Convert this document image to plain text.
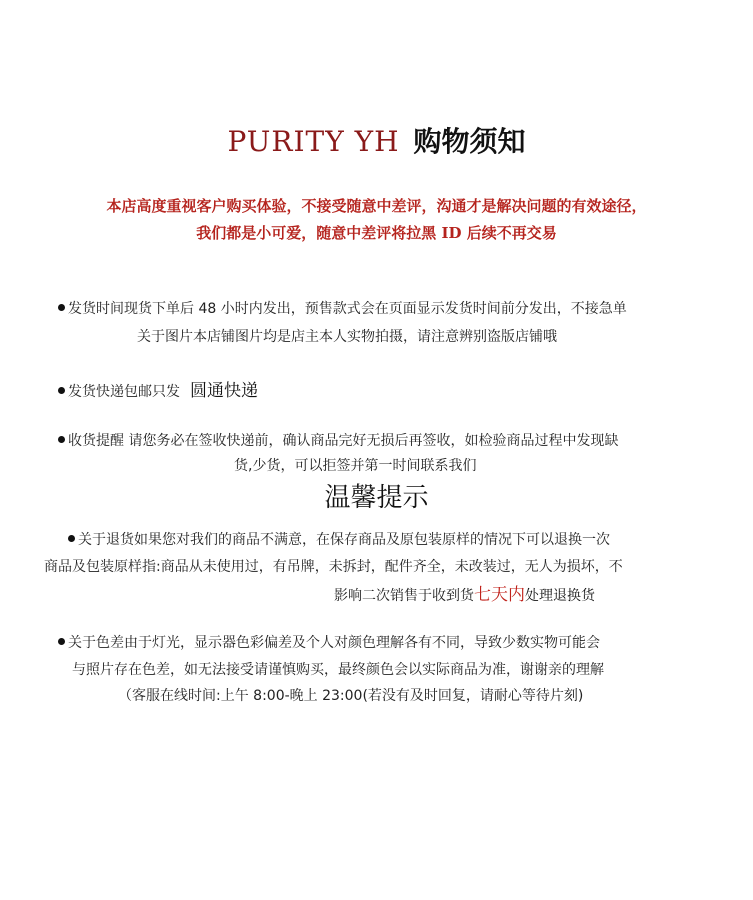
PURITY YH 购物须知
本店高度重视客户购买体验，不接受随意中差评，沟通才是解决问题的有效途径，
我们都是小可爱，随意中差评将拉黑 ID 后续不再交易
发货时间现货下单后 48 小时内发出，预售款式会在页面显示发货时间前分发出，不接急单
关于图片本店铺图片均是店主本人实物拍摄，请注意辨别盗版店铺哦
发货快递包邮只发 圆通快递
收货提醒 请您务必在签收快递前，确认商品完好无损后再签收，如检验商品过程中发现缺
货,少货，可以拒签并第一时间联系我们
温馨提示
关于退货如果您对我们的商品不满意，在保存商品及原包装原样的情况下可以退换一次
商品及包装原样指:商品从未使用过，有吊牌，未拆封，配件齐全，未改装过，无人为损坏，不
影响二次销售于收到货七天内处理退换货
关于色差由于灯光，显示器色彩偏差及个人对颜色理解各有不同，导致少数实物可能会
与照片存在色差，如无法接受请谨慎购买，最终颜色会以实际商品为准，谢谢亲的理解
（客服在线时间:上午 8:00-晚上 23:00(若没有及时回复，请耐心等待片刻)
